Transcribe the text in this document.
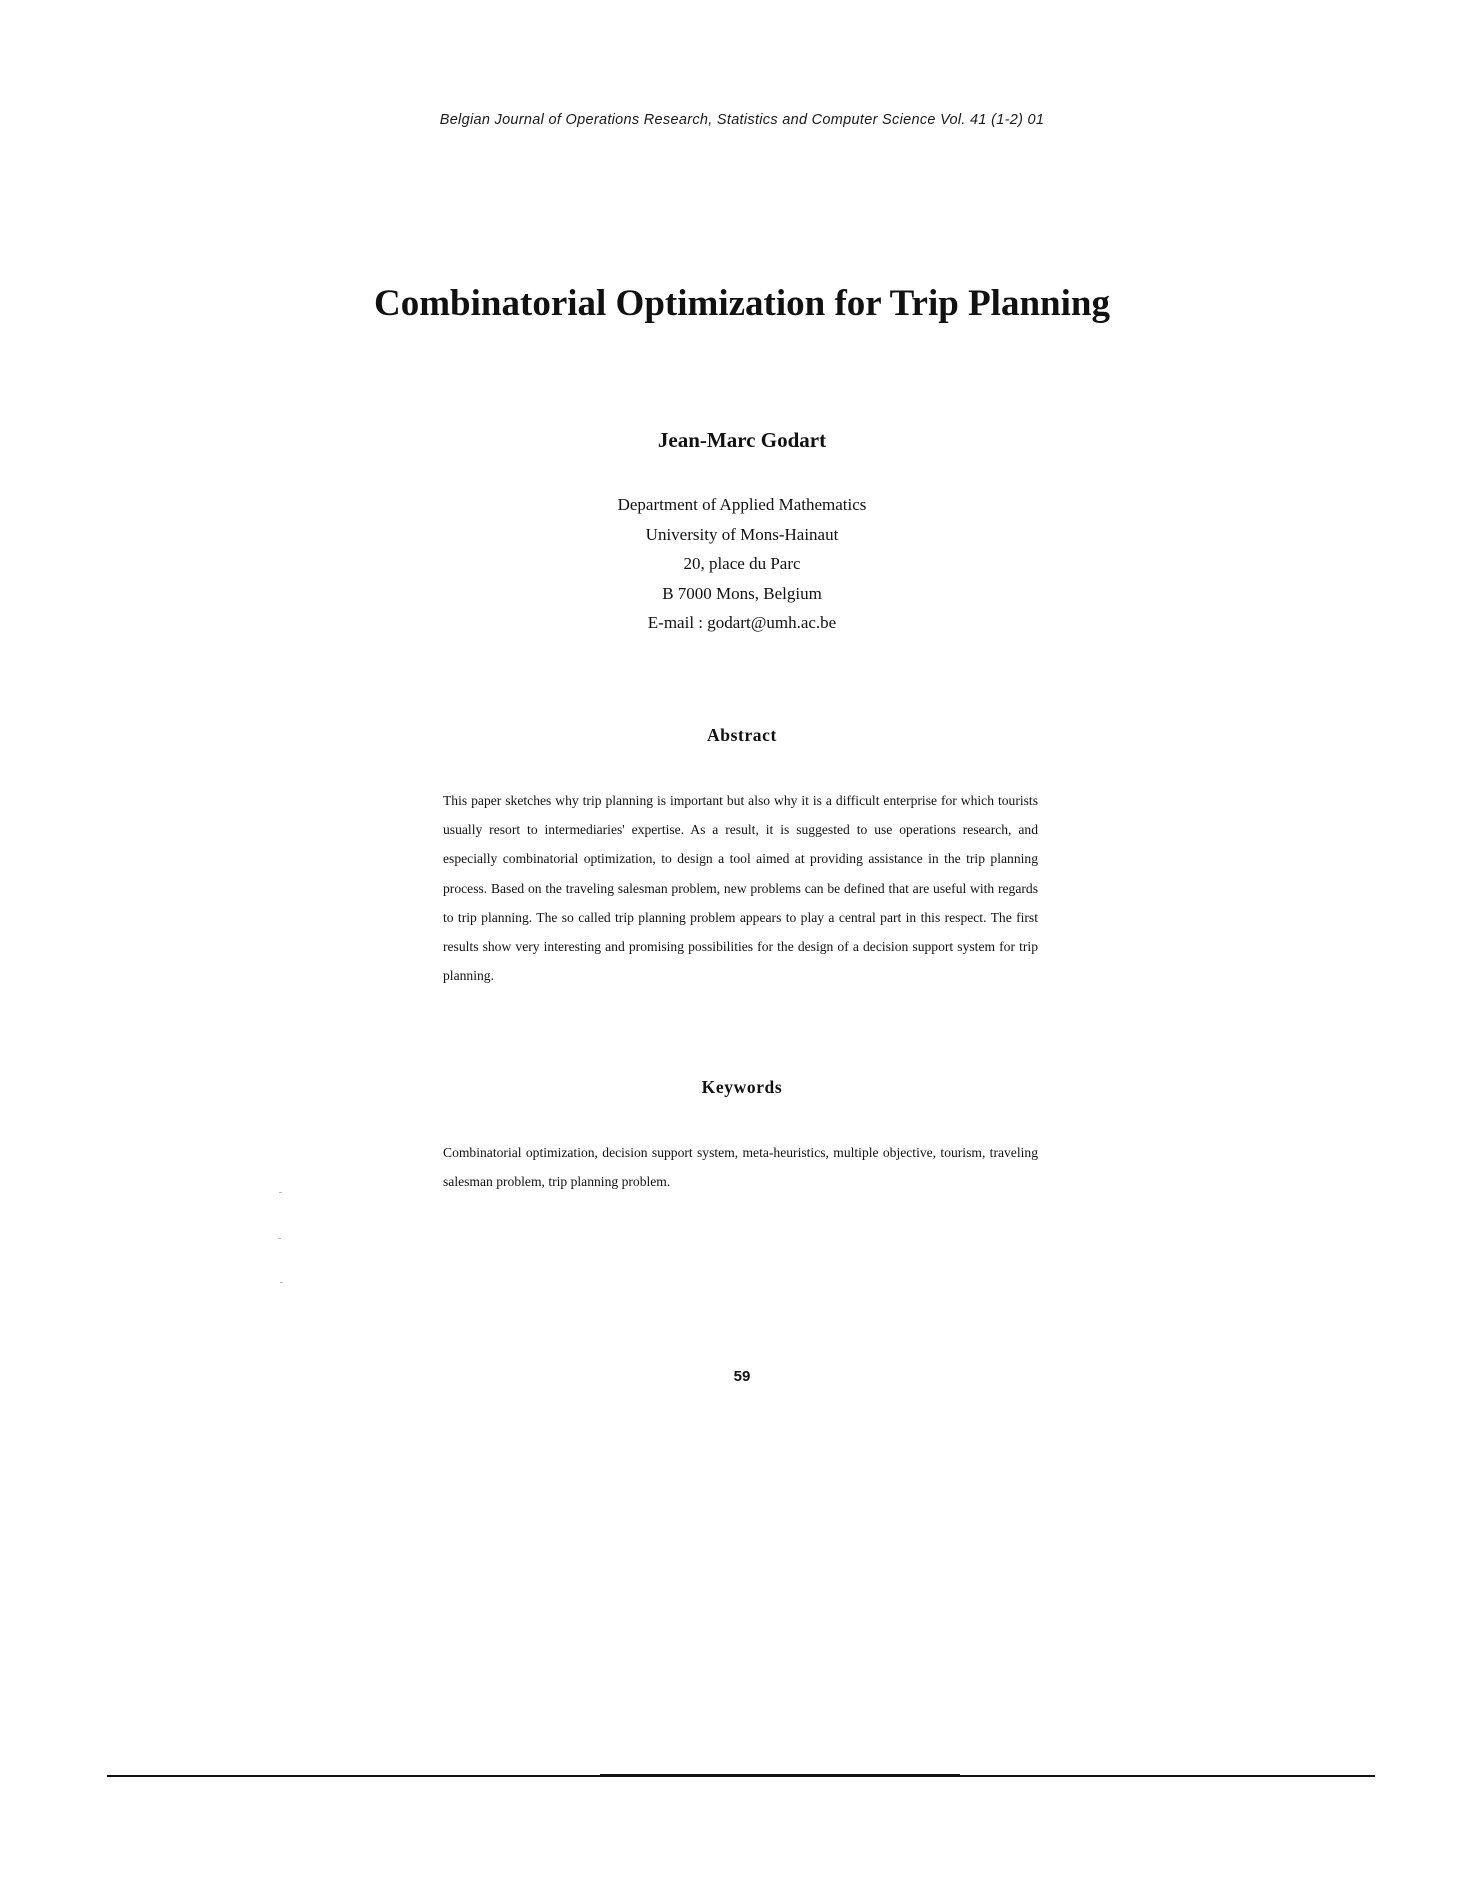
Belgian Journal of Operations Research, Statistics and Computer Science Vol. 41 (1-2) 01
Combinatorial Optimization for Trip Planning
Jean-Marc Godart
Department of Applied Mathematics
University of Mons-Hainaut
20, place du Parc
B 7000 Mons, Belgium
E-mail : godart@umh.ac.be
Abstract

This paper sketches why trip planning is important but also why it is a difficult enterprise for which tourists usually resort to intermediaries' expertise. As a result, it is suggested to use operations research, and especially combinatorial optimization, to design a tool aimed at providing assistance in the trip planning process. Based on the traveling salesman problem, new problems can be defined that are useful with regards to trip planning. The so called trip planning problem appears to play a central part in this respect. The first results show very interesting and promising possibilities for the design of a decision support system for trip planning.

Keywords

Combinatorial optimization, decision support system, meta-heuristics, multiple objective, tourism, traveling salesman problem, trip planning problem.

59
